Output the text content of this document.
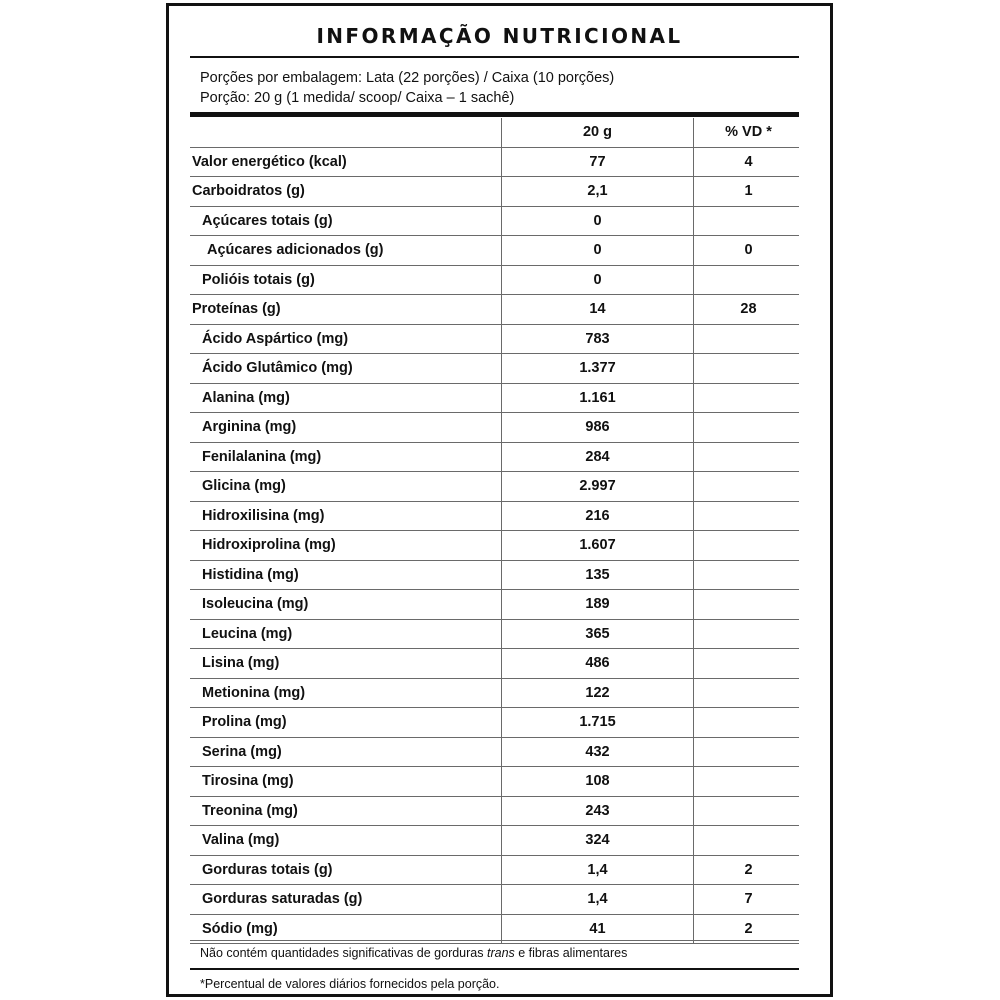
INFORMAÇÃO NUTRICIONAL
Porções por embalagem: Lata (22 porções) / Caixa (10 porções)
Porção: 20 g (1 medida/ scoop/ Caixa – 1 sachê)
20 g	% VD *
Valor energético (kcal)	77	4
Carboidratos (g)	2,1	1
Açúcares totais (g)	0
Açúcares adicionados (g)	0	0
Polióis totais (g)	0
Proteínas (g)	14	28
Ácido Aspártico (mg)	783
Ácido Glutâmico (mg)	1.377
Alanina (mg)	1.161
Arginina (mg)	986
Fenilalanina (mg)	284
Glicina (mg)	2.997
Hidroxilisina (mg)	216
Hidroxiprolina (mg)	1.607
Histidina (mg)	135
Isoleucina (mg)	189
Leucina (mg)	365
Lisina (mg)	486
Metionina (mg)	122
Prolina (mg)	1.715
Serina (mg)	432
Tirosina (mg)	108
Treonina (mg)	243
Valina (mg)	324
Gorduras totais (g)	1,4	2
Gorduras saturadas (g)	1,4	7
Sódio (mg)	41	2
Não contém quantidades significativas de gorduras trans e fibras alimentares
*Percentual de valores diários fornecidos pela porção.
